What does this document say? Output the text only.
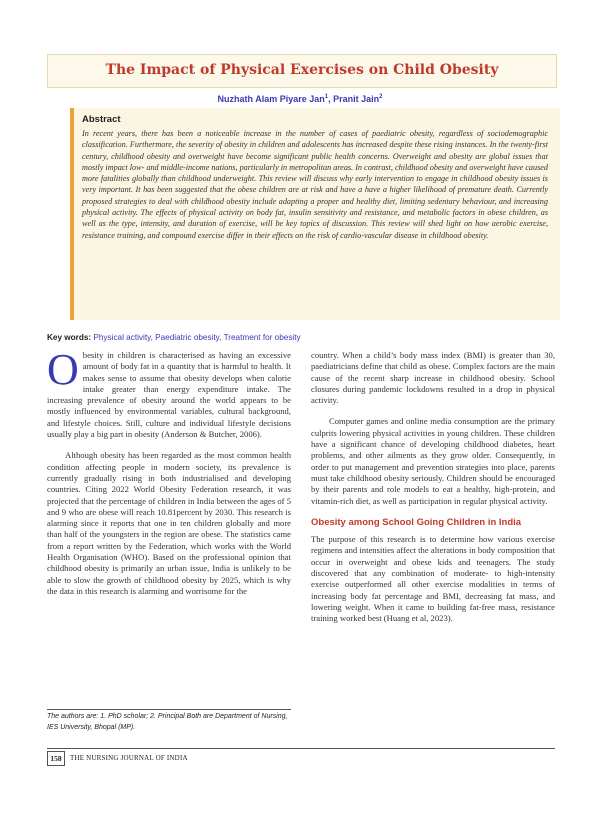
The Impact of Physical Exercises on Child Obesity
Nuzhath Alam Piyare Jan$^1$, Pranit Jain$^2$
Abstract

In recent years, there has been a noticeable increase in the number of cases of paediatric obesity, regardless of sociodemographic classification. Furthermore, the severity of obesity in children and adolescents has increased despite these rising instances. In the twenty-first century, childhood obesity and overweight have become significant public health concerns. Overweight and obesity are global issues that mostly impact low- and middle-income nations, particularly in metropolitan areas. In contrast, childhood obesity and overweight have caused more fatalities globally than childhood underweight. This review will discuss why early intervention to engage in childhood obesity issues is very important. It has been suggested that the obese children are at risk and have a have a higher likelihood of premature death. Currently proposed strategies to deal with childhood obesity include adapting a proper and healthy diet, limiting sedentary behaviour, and increasing physical activity. The effects of physical activity on body fat, insulin sensitivity and resistance, and metabolic factors in obese children, as well as the type, intensity, and duration of exercise, will be key topics of discussion. This review will shed light on how aerobic exercise, resistance training, and compound exercise differ in their effects on the risk of cardio-vascular disease in childhood obesity.

Key words: Physical activity, Paediatric obesity, Treatment for obesity

Obesity in children is characterised as having an excessive amount of body fat in a quantity that is harmful to health. It makes sense to assume that obesity develops when calorie intake greater than energy expenditure intake. The increasing prevalence of obesity around the world appears to be mostly influenced by environmental variables, cultural background, and lifestyle choices. Still, culture and individual lifestyle decisions usually play a big part in obesity (Anderson & Butcher, 2006).

Although obesity has been regarded as the most common health condition affecting people in modern society, its prevalence is currently gradually rising in both industrialised and developing countries. Citing 2022 World Obesity Federation research, it was projected that the percentage of children in India between the ages of 5 and 9 who are obese will reach 10.81percent by 2030. This research is alarming since it reports that one in ten children globally and more than half of the youngsters in the region are obese. The statistics came from a report written by the Federation, which works with the World Health Organisation (WHO). Based on the professional opinion that childhood obesity is primarily an urban issue, India is unlikely to be able to slow the growth of childhood obesity by 2025, which is why the data in this research is alarming and worrisome for the

country. When a child’s body mass index (BMI) is greater than 30, paediatricians define that child as obese. Complex factors are the main cause of the recent sharp increase in childhood obesity. School closures during pandemic lockdowns resulted in a drop in physical activity.

Computer games and online media consumption are the primary culprits lowering physical activities in young children. These children have a significant chance of developing childhood diabetes, heart problems, and other ailments as they grow older. Consequently, in order to put management and prevention strategies into place, parents must take childhood obesity seriously. Children should be encouraged by their parents and role models to eat a healthy, high-protein, and vitamin-rich diet, as well as participation in regular physical activity.

Obesity among School Going Children in India

The purpose of this research is to determine how various exercise regimens and intensities affect the alterations in body composition that occur in overweight and obese kids and teenagers. The study discovered that any combination of moderate- to high-intensity exercise outperformed all other exercise modalities in terms of increasing body fat percentage and BMI, decreasing fat mass, and lowering weight. When it came to building fat-free mass, resistance training worked best (Huang et al, 2023).

The authors are: 1. PhD scholar; 2. Principal Both are Department of Nursing, IES University, Bhopal (MP).
158	THE NURSING JOURNAL OF INDIA
